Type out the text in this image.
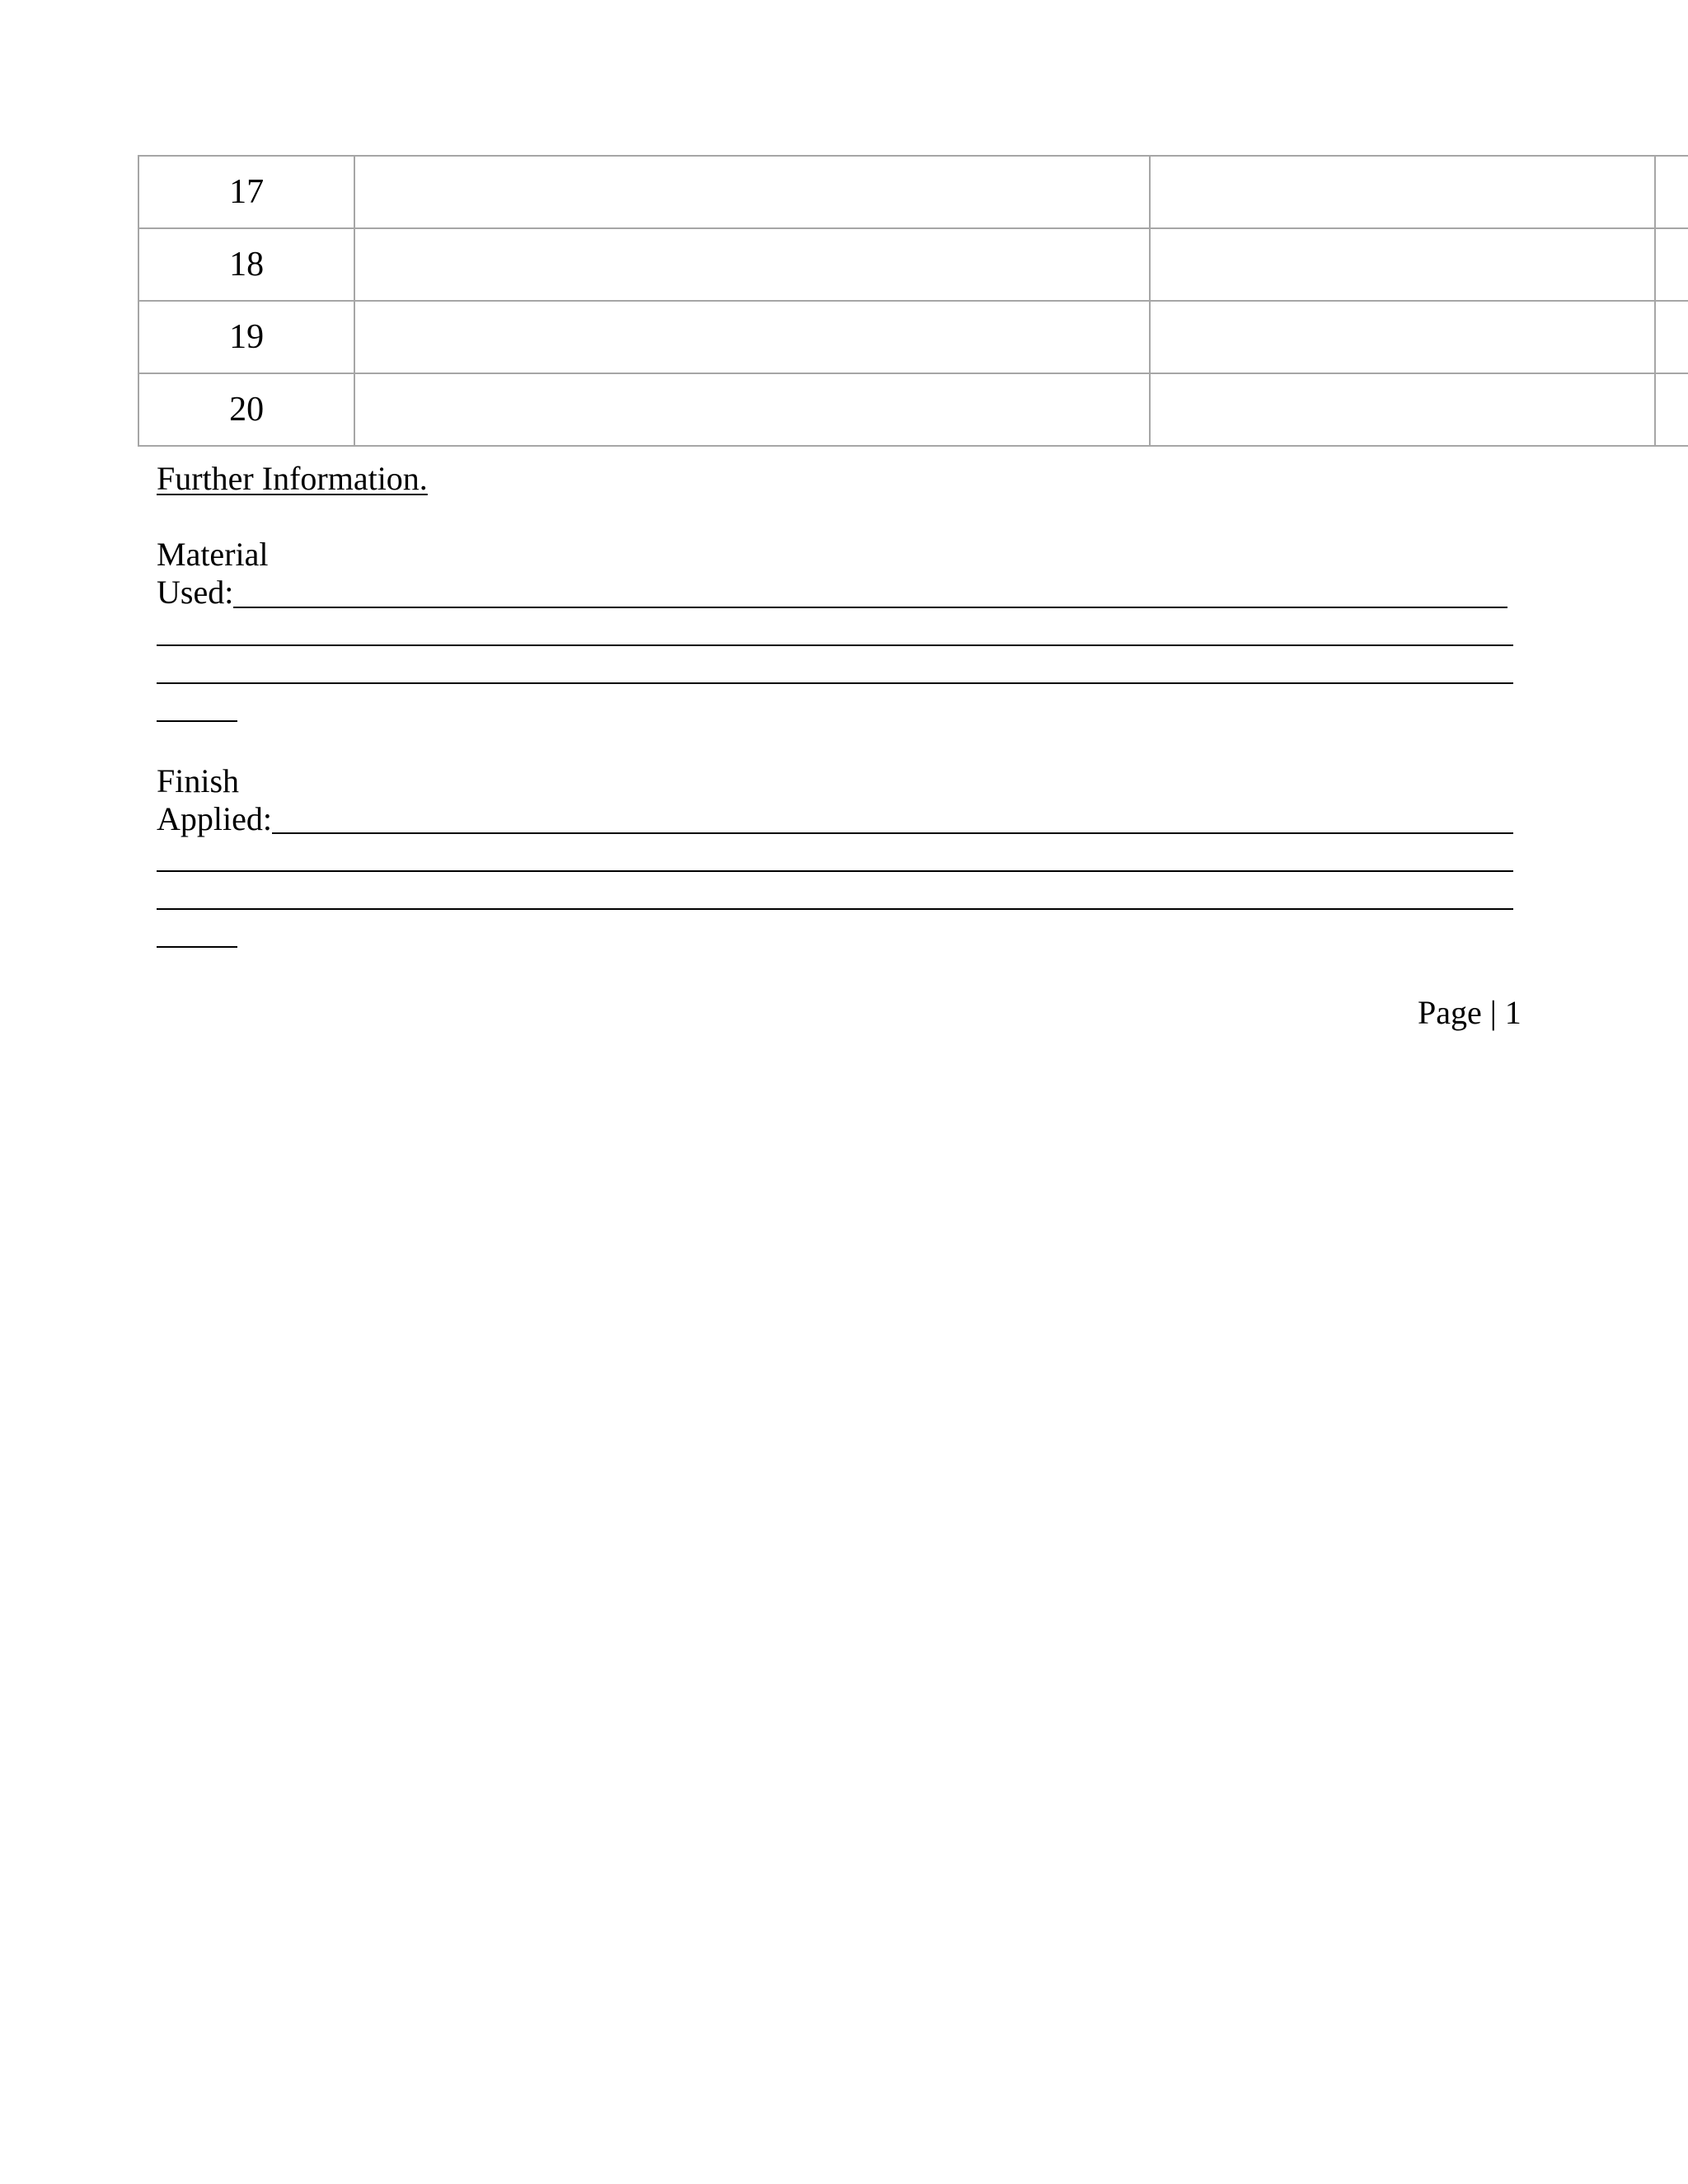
17			
18			
19			
20			
Further Information.
Material
Used:
Finish
Applied:
Page | 1
